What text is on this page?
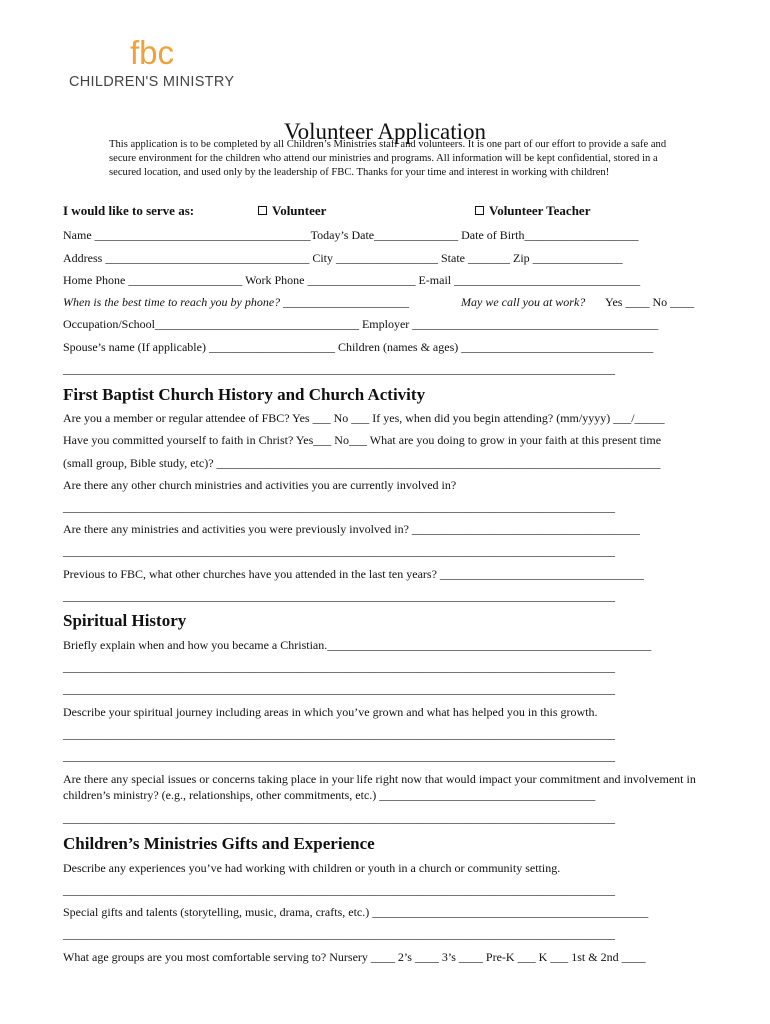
fbc
CHILDREN'S MINISTRY
Volunteer Application

This application is to be completed by all Children’s Ministries staff and volunteers. It is one part of our effort to provide a safe and secure environment for the children who attend our ministries and programs. All information will be kept confidential, stored in a secured location, and used only by the leadership of FBC. Thanks for your time and interest in working with children!

I would like to serve as:	Volunteer	Volunteer Teacher

Name ____________________________________Today’s Date______________ Date of Birth___________________

Address __________________________________ City _________________ State _______ Zip _______________

Home Phone ___________________ Work Phone __________________ E-mail _______________________________

When is the best time to reach you by phone? _____________________	May we call you at work?	Yes ____ No ____

Occupation/School__________________________________ Employer _________________________________________

Spouse’s name (If applicable) _____________________ Children (names & ages) ________________________________

____________________________________________________________________________________________

First Baptist Church History and Church Activity

Are you a member or regular attendee of FBC? Yes ___ No ___ If yes, when did you begin attending? (mm/yyyy) ___/_____

Have you committed yourself to faith in Christ? Yes___ No___ What are you doing to grow in your faith at this present time

(small group, Bible study, etc)? __________________________________________________________________________

Are there any other church ministries and activities you are currently involved in?

____________________________________________________________________________________________

Are there any ministries and activities you were previously involved in? ______________________________________

____________________________________________________________________________________________

Previous to FBC, what other churches have you attended in the last ten years? __________________________________

____________________________________________________________________________________________

Spiritual History

Briefly explain when and how you became a Christian.______________________________________________________

____________________________________________________________________________________________

____________________________________________________________________________________________

Describe your spiritual journey including areas in which you’ve grown and what has helped you in this growth.

____________________________________________________________________________________________

____________________________________________________________________________________________

Are there any special issues or concerns taking place in your life right now that would impact your commitment and involvement in children’s ministry? (e.g., relationships, other commitments, etc.) ____________________________________

____________________________________________________________________________________________

Children’s Ministries Gifts and Experience

Describe any experiences you’ve had working with children or youth in a church or community setting.

____________________________________________________________________________________________

Special gifts and talents (storytelling, music, drama, crafts, etc.) ______________________________________________

____________________________________________________________________________________________

What age groups are you most comfortable serving to? Nursery ____ 2’s ____ 3’s ____ Pre-K ___ K ___ 1st & 2nd ____
